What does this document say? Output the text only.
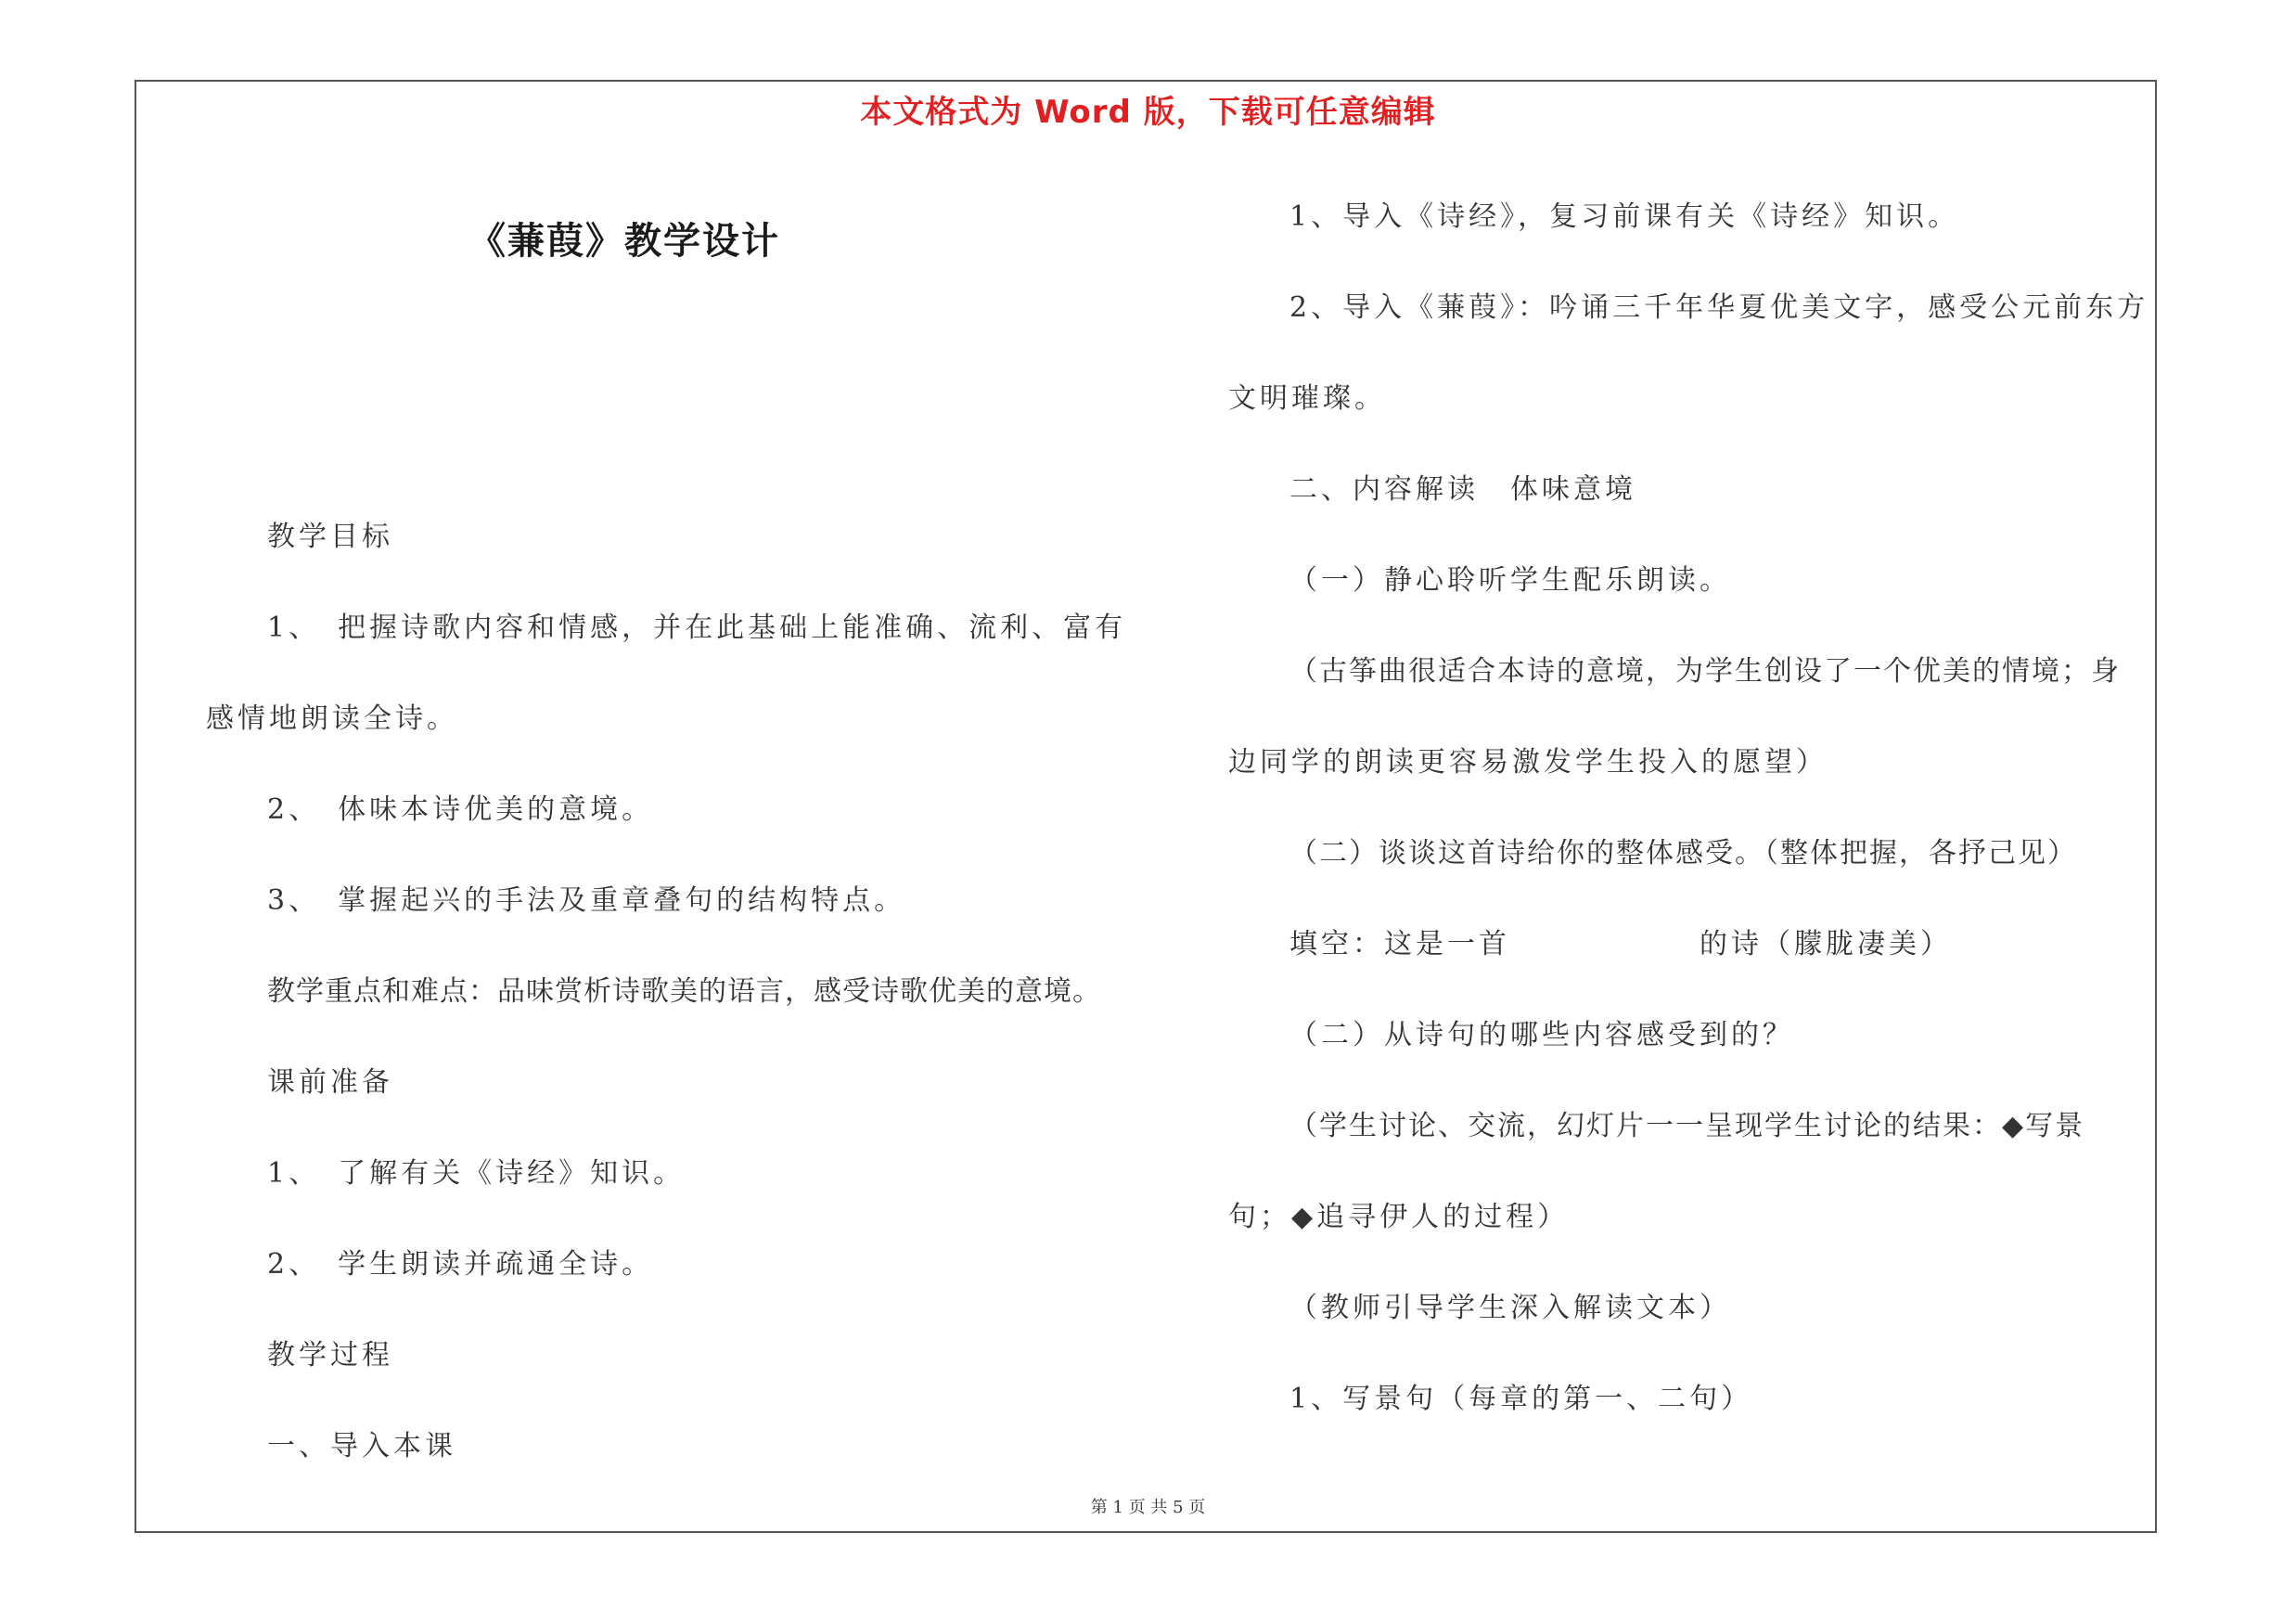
本文格式为 Word 版，下载可任意编辑
《蒹葭》教学设计
教学目标
1、　把握诗歌内容和情感，并在此基础上能准确、流利、富有
感情地朗读全诗。
2、　体味本诗优美的意境。
3、　掌握起兴的手法及重章叠句的结构特点。
教学重点和难点：品味赏析诗歌美的语言，感受诗歌优美的意境。
课前准备
1、　了解有关《诗经》知识。
2、　学生朗读并疏通全诗。
教学过程
一、导入本课
1、导入《诗经》，复习前课有关《诗经》知识。
2、导入《蒹葭》：吟诵三千年华夏优美文字，感受公元前东方
文明璀璨。
二、内容解读　体味意境
（一）静心聆听学生配乐朗读。
（古筝曲很适合本诗的意境，为学生创设了一个优美的情境；身
边同学的朗读更容易激发学生投入的愿望）
（二）谈谈这首诗给你的整体感受。（整体把握，各抒己见）
填空：这是一首　　　　　　的诗（朦胧凄美）
（二）从诗句的哪些内容感受到的？
（学生讨论、交流，幻灯片一一呈现学生讨论的结果：◆写景
句；◆追寻伊人的过程）
（教师引导学生深入解读文本）
1、写景句（每章的第一、二句）
第 1 页 共 5 页
